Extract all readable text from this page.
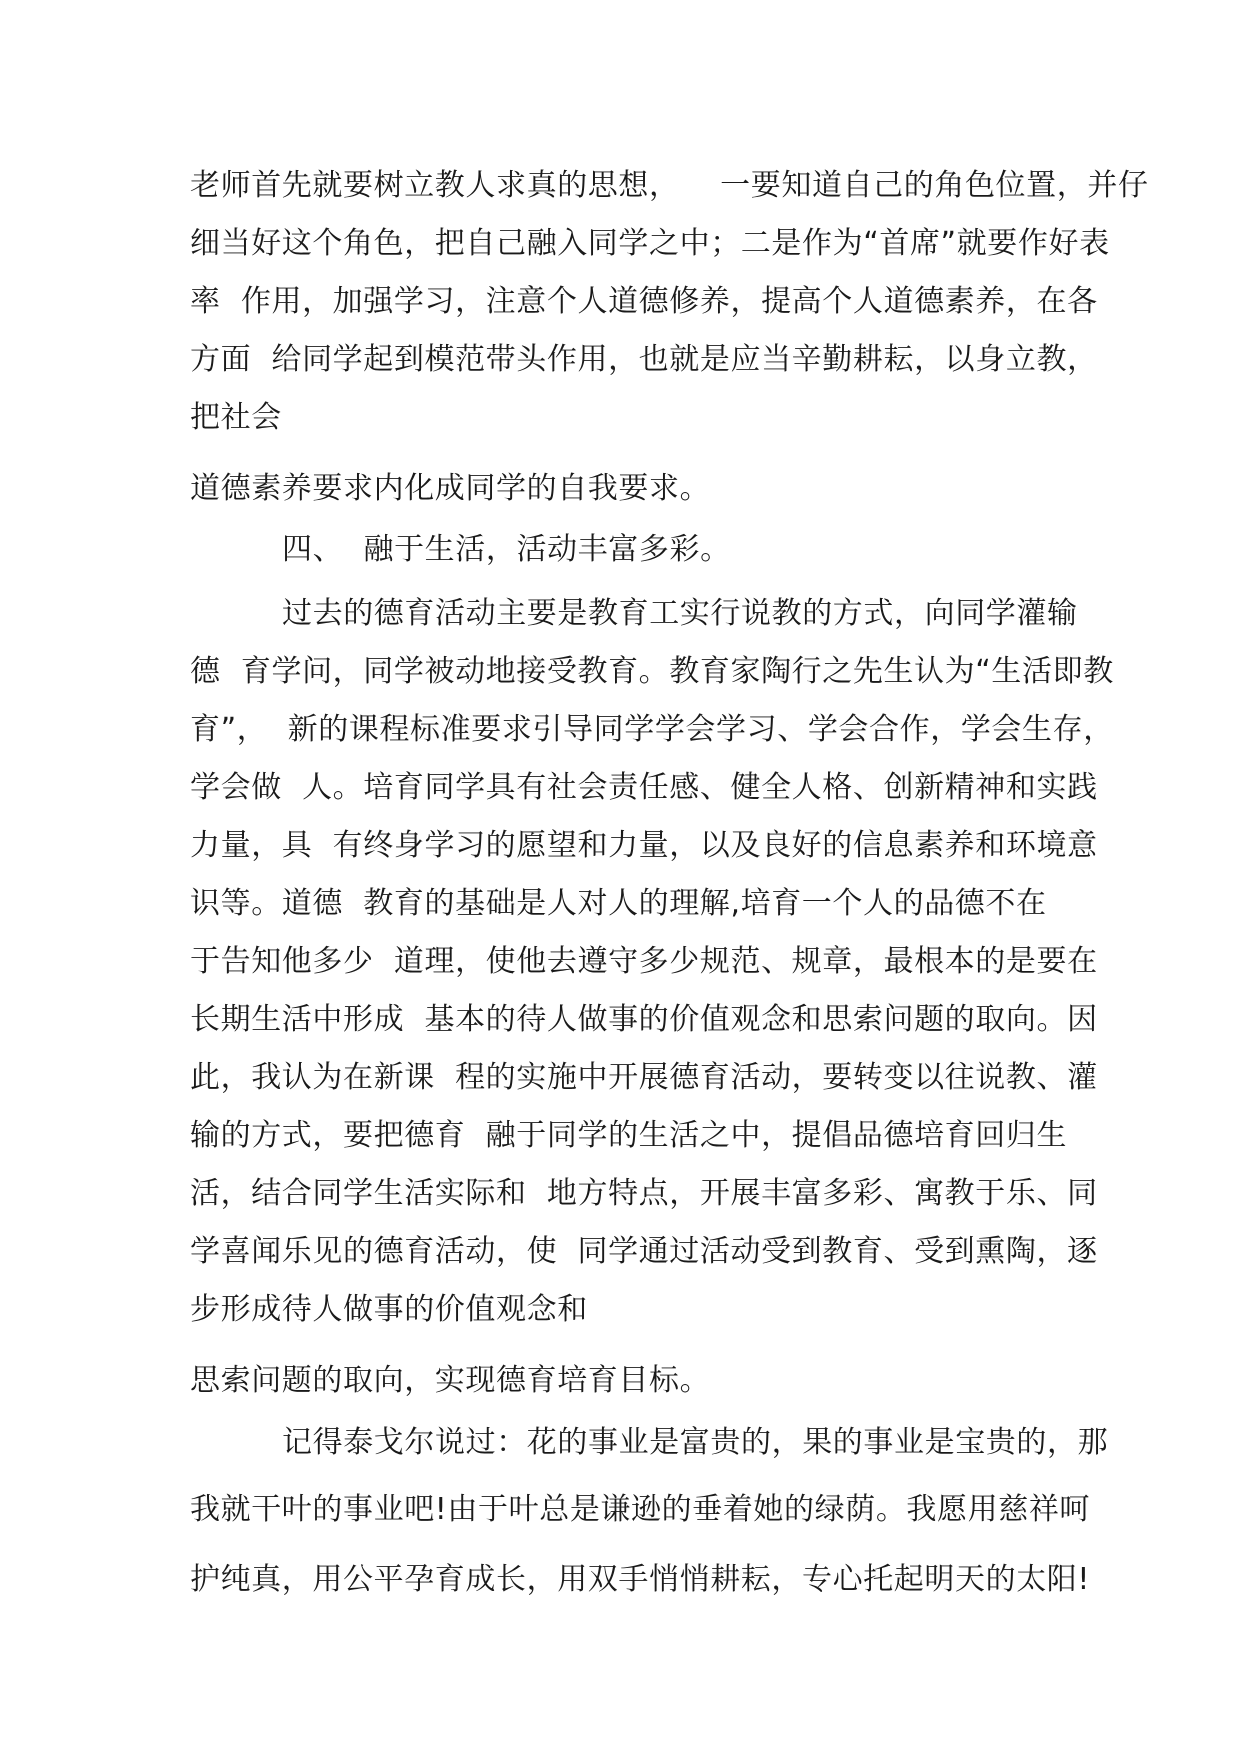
老师首先就要树立教人求真的思想，    一要知道自己的角色位置，并仔
细当好这个角色，把自己融入同学之中；二是作为“首席”就要作好表
率  作用，加强学习，注意个人道德修养，提高个人道德素养，在各
方面  给同学起到模范带头作用，也就是应当辛勤耕耘，以身立教，
把社会
道德素养要求内化成同学的自我要求。
四、  融于生活，活动丰富多彩。
过去的德育活动主要是教育工实行说教的方式，向同学灌输
德  育学问，同学被动地接受教育。教育家陶行之先生认为“生活即教
育”，  新的课程标准要求引导同学学会学习、学会合作，学会生存，
学会做  人。培育同学具有社会责任感、健全人格、创新精神和实践
力量，具  有终身学习的愿望和力量，以及良好的信息素养和环境意
识等。道德  教育的基础是人对人的理解,培育一个人的品德不在
于告知他多少  道理，使他去遵守多少规范、规章，最根本的是要在
长期生活中形成  基本的待人做事的价值观念和思索问题的取向。因
此，我认为在新课  程的实施中开展德育活动，要转变以往说教、灌
输的方式，要把德育  融于同学的生活之中，提倡品德培育回归生
活，结合同学生活实际和  地方特点，开展丰富多彩、寓教于乐、同
学喜闻乐见的德育活动，使  同学通过活动受到教育、受到熏陶，逐
步形成待人做事的价值观念和
思索问题的取向，实现德育培育目标。
记得泰戈尔说过：花的事业是富贵的，果的事业是宝贵的，那
我就干叶的事业吧!由于叶总是谦逊的垂着她的绿荫。我愿用慈祥呵
护纯真，用公平孕育成长，用双手悄悄耕耘，专心托起明天的太阳!
